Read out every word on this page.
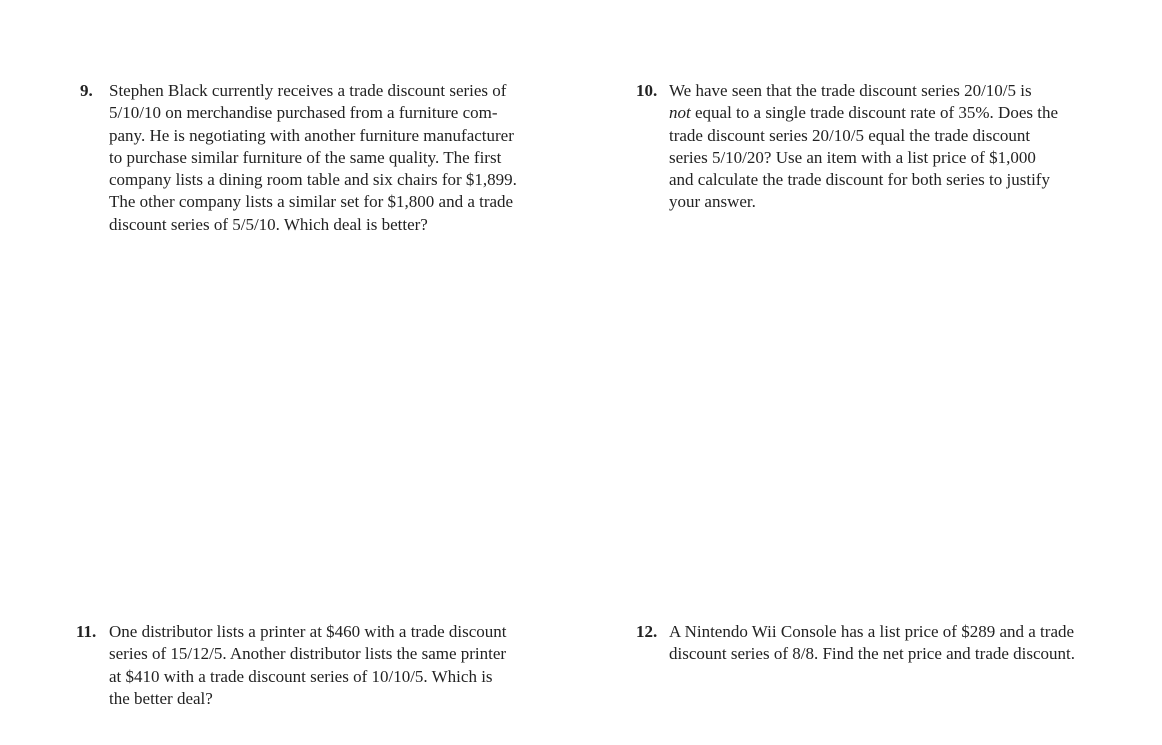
9. Stephen Black currently receives a trade discount series of
5/10/10 on merchandise purchased from a furniture com-
pany. He is negotiating with another furniture manufacturer
to purchase similar furniture of the same quality. The first
company lists a dining room table and six chairs for $1,899.
The other company lists a similar set for $1,800 and a trade
discount series of 5/5/10. Which deal is better?
10. We have seen that the trade discount series 20/10/5 is
not equal to a single trade discount rate of 35%. Does the
trade discount series 20/10/5 equal the trade discount
series 5/10/20? Use an item with a list price of $1,000
and calculate the trade discount for both series to justify
your answer.
11. One distributor lists a printer at $460 with a trade discount
series of 15/12/5. Another distributor lists the same printer
at $410 with a trade discount series of 10/10/5. Which is
the better deal?
12. A Nintendo Wii Console has a list price of $289 and a trade
discount series of 8/8. Find the net price and trade discount.
